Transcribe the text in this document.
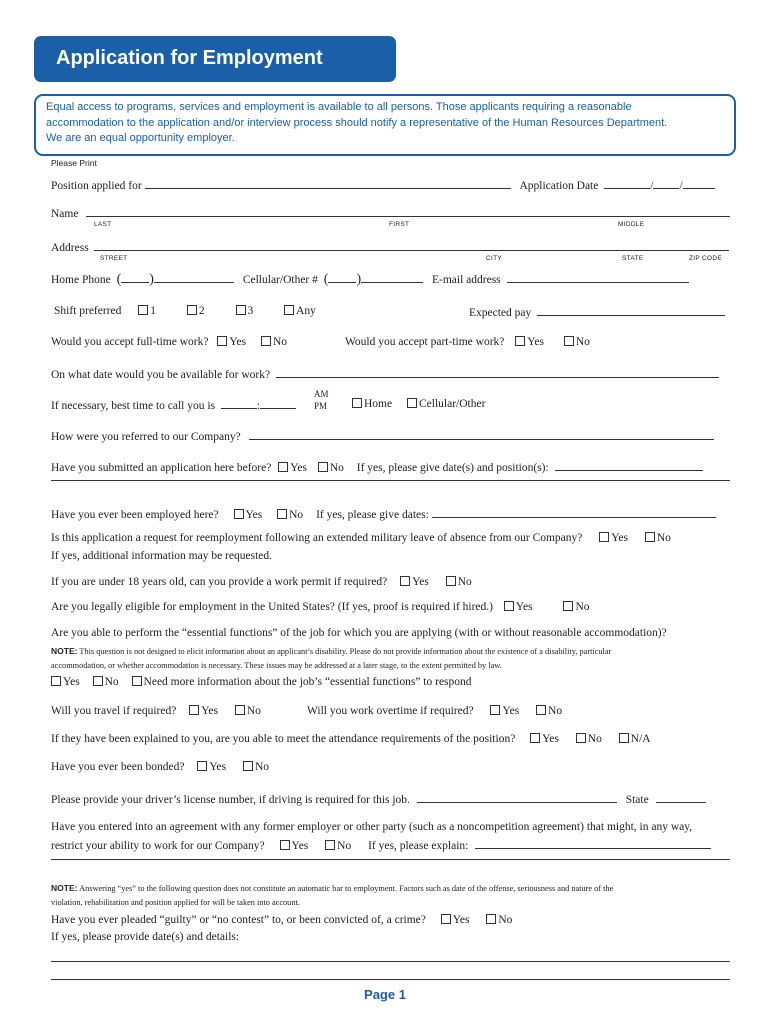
Application for Employment
Equal access to programs, services and employment is available to all persons. Those applicants requiring a reasonable
accommodation to the application and/or interview process should notify a representative of the Human Resources Department.
We are an equal opportunity employer.
Please Print
Position applied for	Application Date	/ /
Name
LAST	FIRST	MIDDLE
Address
STREET	CITY	STATE	ZIP CODE
Home Phone ( )	Cellular/Other # ( )	E-mail address
Shift preferred	1	2	3	Any	Expected pay
Would you accept full-time work? Yes No	Would you accept part-time work? Yes	No
On what date would you be available for work?
If necessary, best time to call you is	:
AM
PM	Home Cellular/Other
How were you referred to our Company?
Have you submitted an application here before? Yes No If yes, please give date(s) and position(s):
Have you ever been employed here? Yes No If yes, please give dates:
Is this application a request for reemployment following an extended military leave of absence from our Company?	Yes	No
If yes, additional information may be requested.
If you are under 18 years old, can you provide a work permit if required? Yes	No
Are you legally eligible for employment in the United States? (If yes, proof is required if hired.) Yes	No
Are you able to perform the “essential functions” of the job for which you are applying (with or without reasonable accommodation)?
NOTE: This question is not designed to elicit information about an applicant’s disability. Please do not provide information about the existence of a disability, particular
accommodation, or whether accommodation is necessary. These issues may be addressed at a later stage, to the extent permitted by law.
Yes No Need more information about the job’s “essential functions” to respond
Will you travel if required? Yes	No	Will you work overtime if required?	Yes	No
If they have been explained to you, are you able to meet the attendance requirements of the position? Yes	No	N/A
Have you ever been bonded? Yes	No
Please provide your driver’s license number, if driving is required for this job.	State
Have you entered into an agreement with any former employer or other party (such as a noncompetition agreement) that might, in any way,
restrict your ability to work for our Company? Yes	No If yes, please explain:
NOTE: Answering “yes” to the following question does not constitute an automatic bar to employment. Factors such as date of the offense, seriousness and nature of the
violation, rehabilitation and position applied for will be taken into account.
Have you ever pleaded “guilty” or “no contest” to, or been convicted of, a crime? Yes	No
If yes, please provide date(s) and details:
Page 1
